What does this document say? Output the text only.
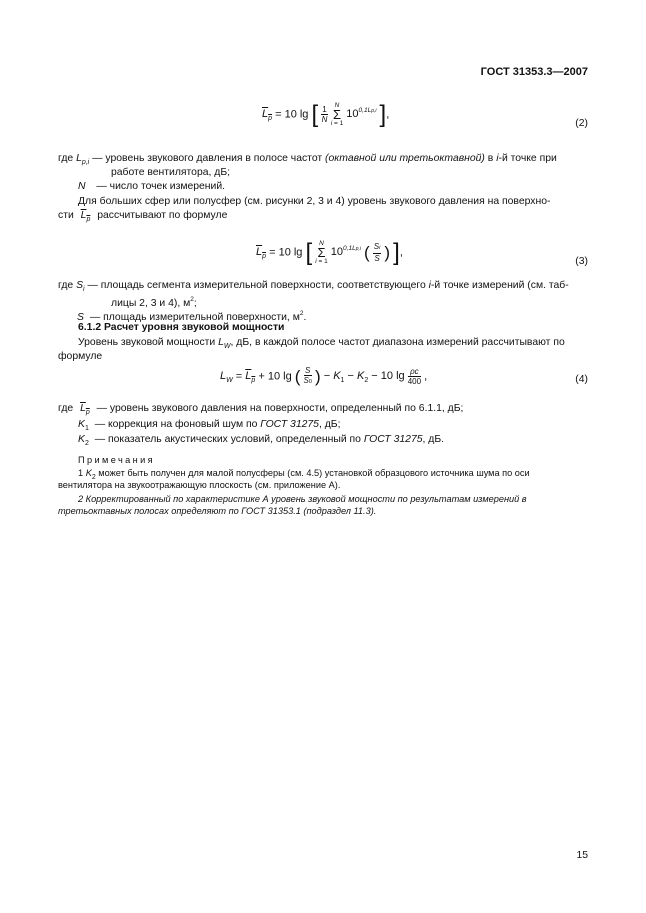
ГОСТ 31353.3—2007
$L_p = 10$ lg [ $\frac{1}{N}$ N
Σ
i = 1 $10^{0,1Lp,i}$ ],
(2)
где $L_{p,i}$ — уровень звукового давления в полосе частот (октавной или третьоктавной) в i-й точке при
работе вентилятора, дБ;
N — число точек измерений.
Для больших сфер или полусфер (см. рисунки 2, 3 и 4) уровень звукового давления на поверхно-
сти $L_p$ рассчитывают по формуле
$L_p = 10$ lg [ N
Σ
i = 1 $10^{0,1Lp,i}$ ( $\frac{Si}{S}$ ) ],
(3)
где $S_i$ — площадь сегмента измерительной поверхности, соответствующего i-й точке измерений (см. таб-
лицы 2, 3 и 4), $м^2$;
S — площадь измерительной поверхности, $м^2$.
6.1.2 Расчет уровня звуковой мощности
Уровень звуковой мощности $L_W$, дБ, в каждой полосе частот диапазона измерений рассчитывают по
формуле
$L_W = L_p + 10$ lg ( $\frac{S}{S0}$ ) − $K_1 - K_2 - 10$ $\lg \frac{\rho c}{400}$ ,	(4)
где $L_p$ — уровень звукового давления на поверхности, определенный по 6.1.1, дБ;
$K_1$ — коррекция на фоновый шум по ГОСТ 31275, дБ;
$K_2$ — показатель акустических условий, определенный по ГОСТ 31275, дБ.
Примечания
1 $K_2$ может быть получен для малой полусферы (см. 4.5) установкой образцового источника шума по оси
вентилятора на звукоотражающую плоскость (см. приложение А).
2 Корректированный по характеристике А уровень звуковой мощности по результатам измерений в
третьоктавных полосах определяют по ГОСТ 31353.1 (подраздел 11.3).
15
